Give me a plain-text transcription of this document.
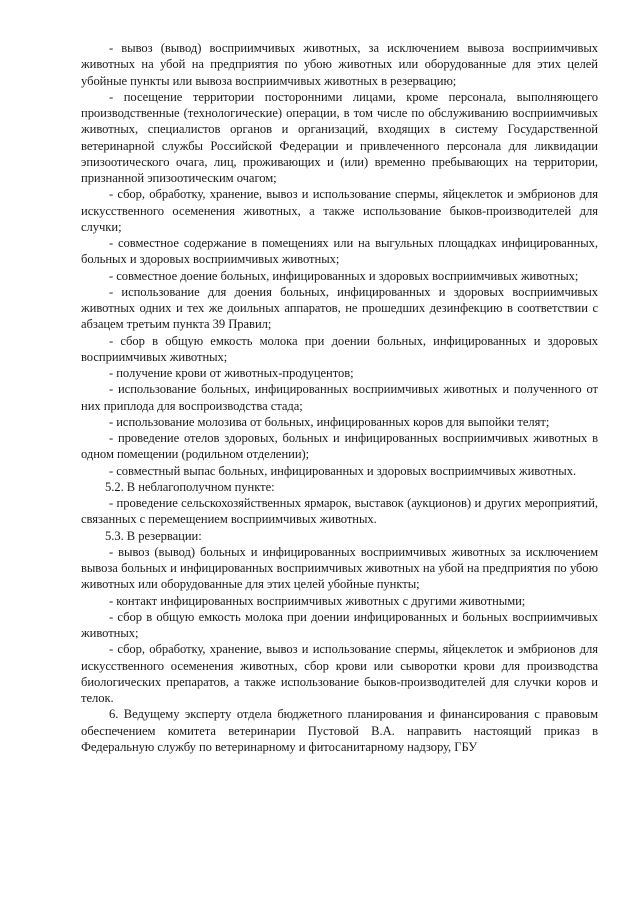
- вывоз (вывод) восприимчивых животных, за исключением вывоза восприимчивых животных на убой на предприятия по убою животных или оборудованные для этих целей убойные пункты или вывоза восприимчивых животных в резервацию;

- посещение территории посторонними лицами, кроме персонала, выполняющего производственные (технологические) операции, в том числе по обслуживанию восприимчивых животных, специалистов органов и организаций, входящих в систему Государственной ветеринарной службы Российской Федерации и привлеченного персонала для ликвидации эпизоотического очага, лиц, проживающих и (или) временно пребывающих на территории, признанной эпизоотическим очагом;

- сбор, обработку, хранение, вывоз и использование спермы, яйцеклеток и эмбрионов для искусственного осеменения животных, а также использование быков-производителей для случки;

- совместное содержание в помещениях или на выгульных площадках инфицированных, больных и здоровых восприимчивых животных;

- совместное доение больных, инфицированных и здоровых восприимчивых животных;

- использование для доения больных, инфицированных и здоровых восприимчивых животных одних и тех же доильных аппаратов, не прошедших дезинфекцию в соответствии с абзацем третьим пункта 39 Правил;

- сбор в общую емкость молока при доении больных, инфицированных и здоровых восприимчивых животных;

- получение крови от животных-продуцентов;

- использование больных, инфицированных восприимчивых животных и полученного от них приплода для воспроизводства стада;

- использование молозива от больных, инфицированных коров для выпойки телят;

- проведение отелов здоровых, больных и инфицированных восприимчивых животных в одном помещении (родильном отделении);

- совместный выпас больных, инфицированных и здоровых восприимчивых животных.

5.2. В неблагополучном пункте:

- проведение сельскохозяйственных ярмарок, выставок (аукционов) и других мероприятий, связанных с перемещением восприимчивых животных.

5.3. В резервации:

- вывоз (вывод) больных и инфицированных восприимчивых животных за исключением вывоза больных и инфицированных восприимчивых животных на убой на предприятия по убою животных или оборудованные для этих целей убойные пункты;

- контакт инфицированных восприимчивых животных с другими животными;

- сбор в общую емкость молока при доении инфицированных и больных восприимчивых животных;

- сбор, обработку, хранение, вывоз и использование спермы, яйцеклеток и эмбрионов для искусственного осеменения животных, сбор крови или сыворотки крови для производства биологических препаратов, а также использование быков-производителей для случки коров и телок.

6. Ведущему эксперту отдела бюджетного планирования и финансирования с правовым обеспечением комитета ветеринарии Пустовой В.А. направить настоящий приказ в Федеральную службу по ветеринарному и фитосанитарному надзору, ГБУ
